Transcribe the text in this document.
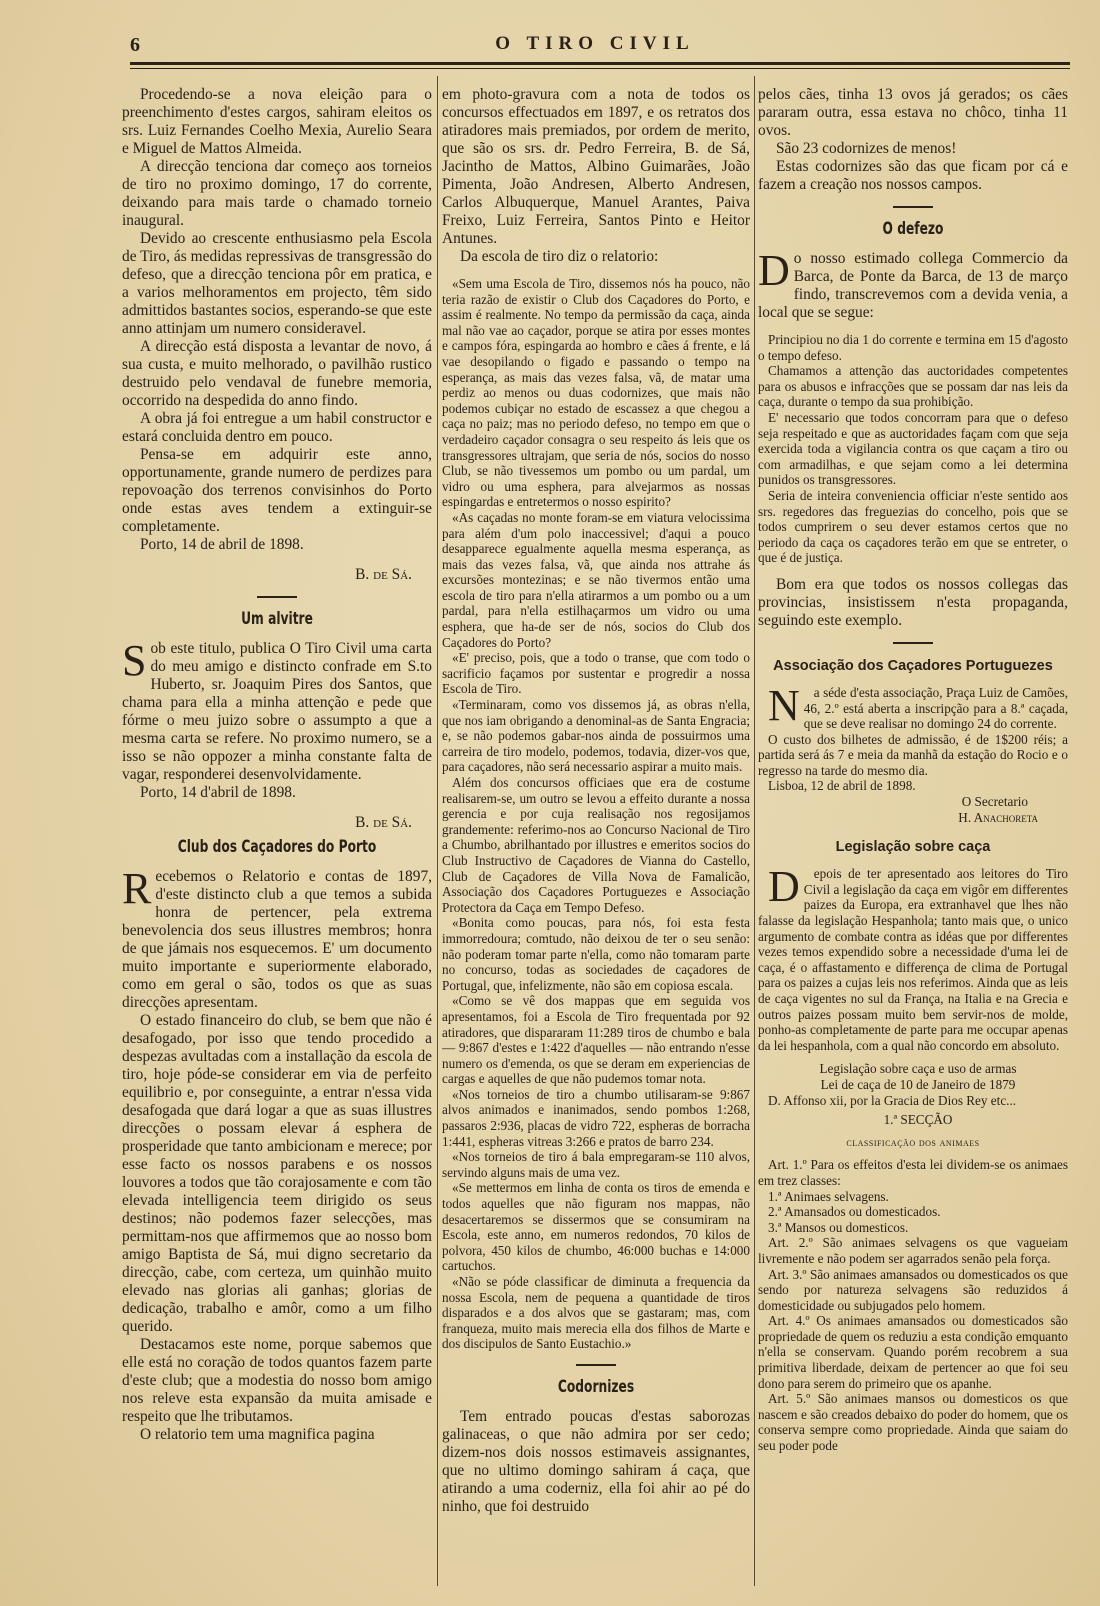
6	O TIRO CIVIL

Procedendo-se a nova eleição para o preenchimento d'estes cargos, sahiram eleitos os srs. Luiz Fernandes Coelho Mexia, Aurelio Seara e Miguel de Mattos Almeida.

A direcção tenciona dar começo aos torneios de tiro no proximo domingo, 17 do corrente, deixando para mais tarde o chamado torneio inaugural.

Devido ao crescente enthusiasmo pela Escola de Tiro, ás medidas repressivas de transgressão do defeso, que a direcção tenciona pôr em pratica, e a varios melhoramentos em projecto, têm sido admittidos bastantes socios, esperando-se que este anno attinjam um numero consideravel.

A direcção está disposta a levantar de novo, á sua custa, e muito melhorado, o pavilhão rustico destruido pelo vendaval de funebre memoria, occorrido na despedida do anno findo.

A obra já foi entregue a um habil constructor e estará concluida dentro em pouco.

Pensa-se em adquirir este anno, opportunamente, grande numero de perdizes para repovoação dos terrenos convisinhos do Porto onde estas aves tendem a extinguir-se completamente.

Porto, 14 de abril de 1898.

B. de Sá.
Um alvitre

Sob este titulo, publica O Tiro Civil uma carta do meu amigo e distincto confrade em S.to Huberto, sr. Joaquim Pires dos Santos, que chama para ella a minha attenção e pede que fórme o meu juizo sobre o assumpto a que a mesma carta se refere. No proximo numero, se a isso se não oppozer a minha constante falta de vagar, responderei desenvolvidamente.

Porto, 14 d'abril de 1898.

B. de Sá.
Club dos Caçadores do Porto

Recebemos o Relatorio e contas de 1897, d'este distincto club a que temos a subida honra de pertencer, pela extrema benevolencia dos seus illustres membros; honra de que jámais nos esquecemos. E' um documento muito importante e superiormente elaborado, como em geral o são, todos os que as suas direcções apresentam.

O estado financeiro do club, se bem que não é desafogado, por isso que tendo procedido a despezas avultadas com a installação da escola de tiro, hoje póde-se considerar em via de perfeito equilibrio e, por conseguinte, a entrar n'essa vida desafogada que dará logar a que as suas illustres direcções o possam elevar á esphera de prosperidade que tanto ambicionam e merece; por esse facto os nossos parabens e os nossos louvores a todos que tão corajosamente e com tão elevada intelligencia teem dirigido os seus destinos; não podemos fazer selecções, mas permittam-nos que affirmemos que ao nosso bom amigo Baptista de Sá, mui digno secretario da direcção, cabe, com certeza, um quinhão muito elevado nas glorias ali ganhas; glorias de dedicação, trabalho e amôr, como a um filho querido.

Destacamos este nome, porque sabemos que elle está no coração de todos quantos fazem parte d'este club; que a modestia do nosso bom amigo nos releve esta expansão da muita amisade e respeito que lhe tributamos.

O relatorio tem uma magnifica pagina

em photo-gravura com a nota de todos os concursos effectuados em 1897, e os retratos dos atiradores mais premiados, por ordem de merito, que são os srs. dr. Pedro Ferreira, B. de Sá, Jacintho de Mattos, Albino Guimarães, João Pimenta, João Andresen, Alberto Andresen, Carlos Albuquerque, Manuel Arantes, Paiva Freixo, Luiz Ferreira, Santos Pinto e Heitor Antunes.

Da escola de tiro diz o relatorio:

«Sem uma Escola de Tiro, dissemos nós ha pouco, não teria razão de existir o Club dos Caçadores do Porto, e assim é realmente. No tempo da permissão da caça, ainda mal não vae ao caçador, porque se atira por esses montes e campos fóra, espingarda ao hombro e cães á frente, e lá vae desopilando o figado e passando o tempo na esperança, as mais das vezes falsa, vã, de matar uma perdiz ao menos ou duas codornizes, que mais não podemos cubiçar no estado de escassez a que chegou a caça no paiz; mas no periodo defeso, no tempo em que o verdadeiro caçador consagra o seu respeito ás leis que os transgressores ultrajam, que seria de nós, socios do nosso Club, se não tivessemos um pombo ou um pardal, um vidro ou uma esphera, para alvejarmos as nossas espingardas e entretermos o nosso espirito?

«As caçadas no monte foram-se em viatura velocissima para além d'um polo inaccessivel; d'aqui a pouco desapparece egualmente aquella mesma esperança, as mais das vezes falsa, vã, que ainda nos attrahe ás excursões montezinas; e se não tivermos então uma escola de tiro para n'ella atirarmos a um pombo ou a um pardal, para n'ella estilhaçarmos um vidro ou uma esphera, que ha-de ser de nós, socios do Club dos Caçadores do Porto?

«E' preciso, pois, que a todo o transe, que com todo o sacrificio façamos por sustentar e progredir a nossa Escola de Tiro.

«Terminaram, como vos dissemos já, as obras n'ella, que nos iam obrigando a denominal-as de Santa Engracia; e, se não podemos gabar-nos ainda de possuirmos uma carreira de tiro modelo, podemos, todavia, dizer-vos que, para caçadores, não será necessario aspirar a muito mais.

Além dos concursos officiaes que era de costume realisarem-se, um outro se levou a effeito durante a nossa gerencia e por cuja realisação nos regosijamos grandemente: referimo-nos ao Concurso Nacional de Tiro a Chumbo, abrilhantado por illustres e emeritos socios do Club Instructivo de Caçadores de Vianna do Castello, Club de Caçadores de Villa Nova de Famalicão, Associação dos Caçadores Portuguezes e Associação Protectora da Caça em Tempo Defeso.

«Bonita como poucas, para nós, foi esta festa immorredoura; comtudo, não deixou de ter o seu senão: não poderam tomar parte n'ella, como não tomaram parte no concurso, todas as sociedades de caçadores de Portugal, que, infelizmente, não são em copiosa escala.

«Como se vê dos mappas que em seguida vos apresentamos, foi a Escola de Tiro frequentada por 92 atiradores, que dispararam 11:289 tiros de chumbo e bala — 9:867 d'estes e 1:422 d'aquelles — não entrando n'esse numero os d'emenda, os que se deram em experiencias de cargas e aquelles de que não pudemos tomar nota.

«Nos torneios de tiro a chumbo utilisaram-se 9:867 alvos animados e inanimados, sendo pombos 1:268, passaros 2:936, placas de vidro 722, espheras de borracha 1:441, espheras vitreas 3:266 e pratos de barro 234.

«Nos torneios de tiro á bala empregaram-se 110 alvos, servindo alguns mais de uma vez.

«Se mettermos em linha de conta os tiros de emenda e todos aquelles que não figuram nos mappas, não desacertaremos se dissermos que se consumiram na Escola, este anno, em numeros redondos, 70 kilos de polvora, 450 kilos de chumbo, 46:000 buchas e 14:000 cartuchos.

«Não se póde classificar de diminuta a frequencia da nossa Escola, nem de pequena a quantidade de tiros disparados e a dos alvos que se gastaram; mas, com franqueza, muito mais merecia ella dos filhos de Marte e dos discipulos de Santo Eustachio.»

Codornizes

Tem entrado poucas d'estas saborozas galinaceas, o que não admira por ser cedo; dizem-nos dois nossos estimaveis assignantes, que no ultimo domingo sahiram á caça, que atirando a uma coderniz, ella foi ahir ao pé do ninho, que foi destruido

pelos cães, tinha 13 ovos já gerados; os cães pararam outra, essa estava no chôco, tinha 11 ovos.

São 23 codornizes de menos!

Estas codornizes são das que ficam por cá e fazem a creação nos nossos campos.

O defezo

Do nosso estimado collega Commercio da Barca, de Ponte da Barca, de 13 de março findo, transcrevemos com a devida venia, a local que se segue:

Principiou no dia 1 do corrente e termina em 15 d'agosto o tempo defeso.

Chamamos a attenção das auctoridades competentes para os abusos e infracções que se possam dar nas leis da caça, durante o tempo da sua prohibição.

E' necessario que todos concorram para que o defeso seja respeitado e que as auctoridades façam com que seja exercida toda a vigilancia contra os que caçam a tiro ou com armadilhas, e que sejam como a lei determina punidos os transgressores.

Seria de inteira conveniencia officiar n'este sentido aos srs. regedores das freguezias do concelho, pois que se todos cumprirem o seu dever estamos certos que no periodo da caça os caçadores terão em que se entreter, o que é de justiça.

Bom era que todos os nossos collegas das provincias, insistissem n'esta propaganda, seguindo este exemplo.

Associação dos Caçadores Portuguezes

N a séde d'esta associação, Praça Luiz de Camões, 46, 2.º está aberta a inscripção para a 8.ª caçada, que se deve realisar no domingo 24 do corrente.

O custo dos bilhetes de admissão, é de 1$200 réis; a partida será ás 7 e meia da manhã da estação do Rocio e o regresso na tarde do mesmo dia.

Lisboa, 12 de abril de 1898.

O Secretario

H. Anachoreta

Legislação sobre caça

D epois de ter apresentado aos leitores do Tiro Civil a legislação da caça em vigôr em differentes paizes da Europa, era extranhavel que lhes não falasse da legislação Hespanhola; tanto mais que, o unico argumento de combate contra as idéas que por differentes vezes temos expendido sobre a necessidade d'uma lei de caça, é o affastamento e differença de clima de Portugal para os paizes a cujas leis nos referimos. Ainda que as leis de caça vigentes no sul da França, na Italia e na Grecia e outros paizes possam muito bem servir-nos de molde, ponho-as completamente de parte para me occupar apenas da lei hespanhola, com a qual não concordo em absoluto.

Legislação sobre caça e uso de armas

Lei de caça de 10 de Janeiro de 1879

D. Affonso xii, por la Gracia de Dios Rey etc...

1.ª SECÇÃO

classificação dos animaes

Art. 1.º Para os effeitos d'esta lei dividem-se os animaes em trez classes:

1.ª Animaes selvagens.

2.ª Amansados ou domesticados.

3.ª Mansos ou domesticos.

Art. 2.º São animaes selvagens os que vagueiam livremente e não podem ser agarrados senão pela força.

Art. 3.º São animaes amansados ou domesticados os que sendo por natureza selvagens são reduzidos á domesticidade ou subjugados pelo homem.

Art. 4.º Os animaes amansados ou domesticados são propriedade de quem os reduziu a esta condição emquanto n'ella se conservam. Quando porém recobrem a sua primitiva liberdade, deixam de pertencer ao que foi seu dono para serem do primeiro que os apanhe.

Art. 5.º São animaes mansos ou domesticos os que nascem e são creados debaixo do poder do homem, que os conserva sempre como propriedade. Ainda que saiam do seu poder pode
